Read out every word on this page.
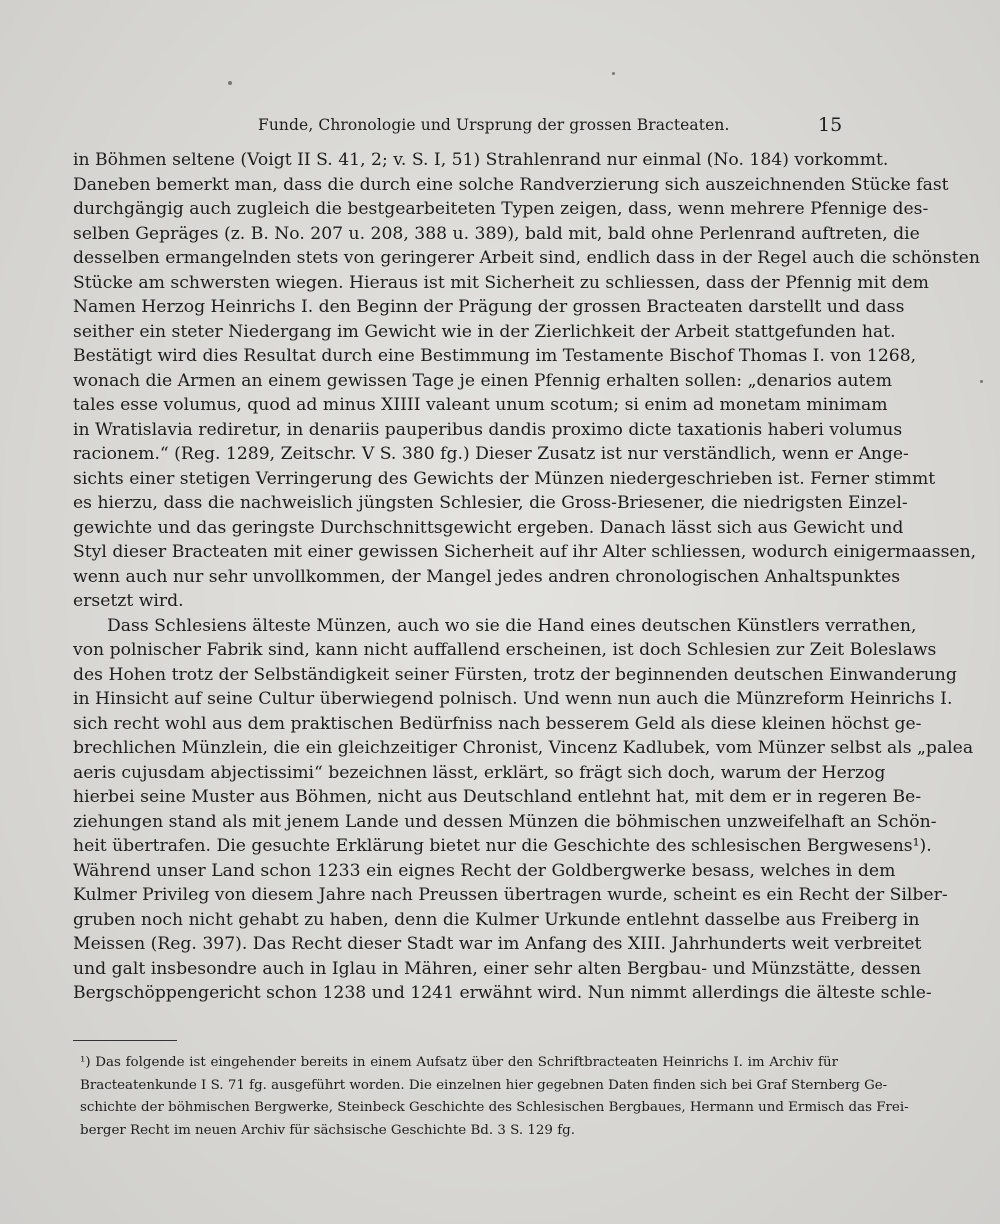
Funde, Chronologie und Ursprung der grossen Bracteaten.	15
in Böhmen seltene (Voigt II S. 41, 2; v. S. I, 51) Strahlenrand nur einmal (No. 184) vorkommt.
Daneben bemerkt man, dass die durch eine solche Randverzierung sich auszeichnenden Stücke fast
durchgängig auch zugleich die bestgearbeiteten Typen zeigen, dass, wenn mehrere Pfennige des-
selben Gepräges (z. B. No. 207 u. 208, 388 u. 389), bald mit, bald ohne Perlenrand auftreten, die
desselben ermangelnden stets von geringerer Arbeit sind, endlich dass in der Regel auch die schönsten
Stücke am schwersten wiegen. Hieraus ist mit Sicherheit zu schliessen, dass der Pfennig mit dem
Namen Herzog Heinrichs I. den Beginn der Prägung der grossen Bracteaten darstellt und dass
seither ein steter Niedergang im Gewicht wie in der Zierlichkeit der Arbeit stattgefunden hat.
Bestätigt wird dies Resultat durch eine Bestimmung im Testamente Bischof Thomas I. von 1268,
wonach die Armen an einem gewissen Tage je einen Pfennig erhalten sollen: „denarios autem
tales esse volumus, quod ad minus XIIII valeant unum scotum; si enim ad monetam minimam
in Wratislavia rediretur, in denariis pauperibus dandis proximo dicte taxationis haberi volumus
racionem.“ (Reg. 1289, Zeitschr. V S. 380 fg.) Dieser Zusatz ist nur verständlich, wenn er Ange-
sichts einer stetigen Verringerung des Gewichts der Münzen niedergeschrieben ist. Ferner stimmt
es hierzu, dass die nachweislich jüngsten Schlesier, die Gross-Briesener, die niedrigsten Einzel-
gewichte und das geringste Durchschnittsgewicht ergeben. Danach lässt sich aus Gewicht und
Styl dieser Bracteaten mit einer gewissen Sicherheit auf ihr Alter schliessen, wodurch einigermaassen,
wenn auch nur sehr unvollkommen, der Mangel jedes andren chronologischen Anhaltspunktes
ersetzt wird.
Dass Schlesiens älteste Münzen, auch wo sie die Hand eines deutschen Künstlers verrathen,
von polnischer Fabrik sind, kann nicht auffallend erscheinen, ist doch Schlesien zur Zeit Boleslaws
des Hohen trotz der Selbständigkeit seiner Fürsten, trotz der beginnenden deutschen Einwanderung
in Hinsicht auf seine Cultur überwiegend polnisch. Und wenn nun auch die Münzreform Heinrichs I.
sich recht wohl aus dem praktischen Bedürfniss nach besserem Geld als diese kleinen höchst ge-
brechlichen Münzlein, die ein gleichzeitiger Chronist, Vincenz Kadlubek, vom Münzer selbst als „palea
aeris cujusdam abjectissimi“ bezeichnen lässt, erklärt, so frägt sich doch, warum der Herzog
hierbei seine Muster aus Böhmen, nicht aus Deutschland entlehnt hat, mit dem er in regeren Be-
ziehungen stand als mit jenem Lande und dessen Münzen die böhmischen unzweifelhaft an Schön-
heit übertrafen. Die gesuchte Erklärung bietet nur die Geschichte des schlesischen Bergwesens¹).
Während unser Land schon 1233 ein eignes Recht der Goldbergwerke besass, welches in dem
Kulmer Privileg von diesem Jahre nach Preussen übertragen wurde, scheint es ein Recht der Silber-
gruben noch nicht gehabt zu haben, denn die Kulmer Urkunde entlehnt dasselbe aus Freiberg in
Meissen (Reg. 397). Das Recht dieser Stadt war im Anfang des XIII. Jahrhunderts weit verbreitet
und galt insbesondre auch in Iglau in Mähren, einer sehr alten Bergbau- und Münzstätte, dessen
Bergschöppengericht schon 1238 und 1241 erwähnt wird. Nun nimmt allerdings die älteste schle-
¹) Das folgende ist eingehender bereits in einem Aufsatz über den Schriftbracteaten Heinrichs I. im Archiv für
Bracteatenkunde I S. 71 fg. ausgeführt worden. Die einzelnen hier gegebnen Daten finden sich bei Graf Sternberg Ge-
schichte der böhmischen Bergwerke, Steinbeck Geschichte des Schlesischen Bergbaues, Hermann und Ermisch das Frei-
berger Recht im neuen Archiv für sächsische Geschichte Bd. 3 S. 129 fg.
